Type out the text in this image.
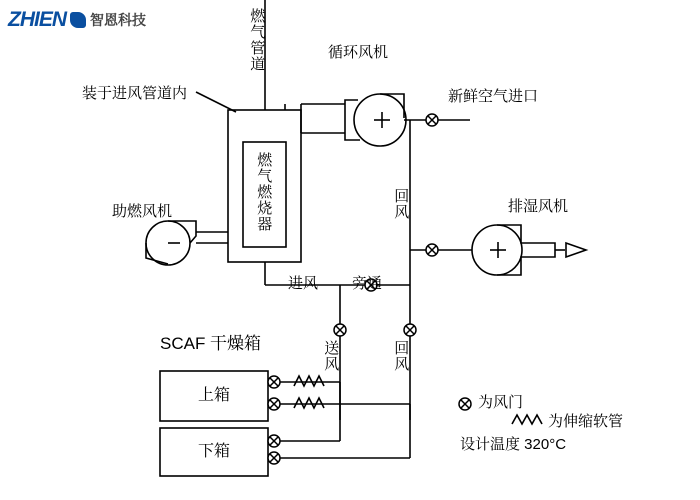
ZHIEN 智恩科技	燃气管道	循环风机
新鲜空气进口
装于进风管道内
燃气燃烧器
助燃风机	排湿风机
回风
进风 旁通
送风	回风
SCAF 干燥箱
上箱
下箱
为风门
为伸缩软管
设计温度 320°C
